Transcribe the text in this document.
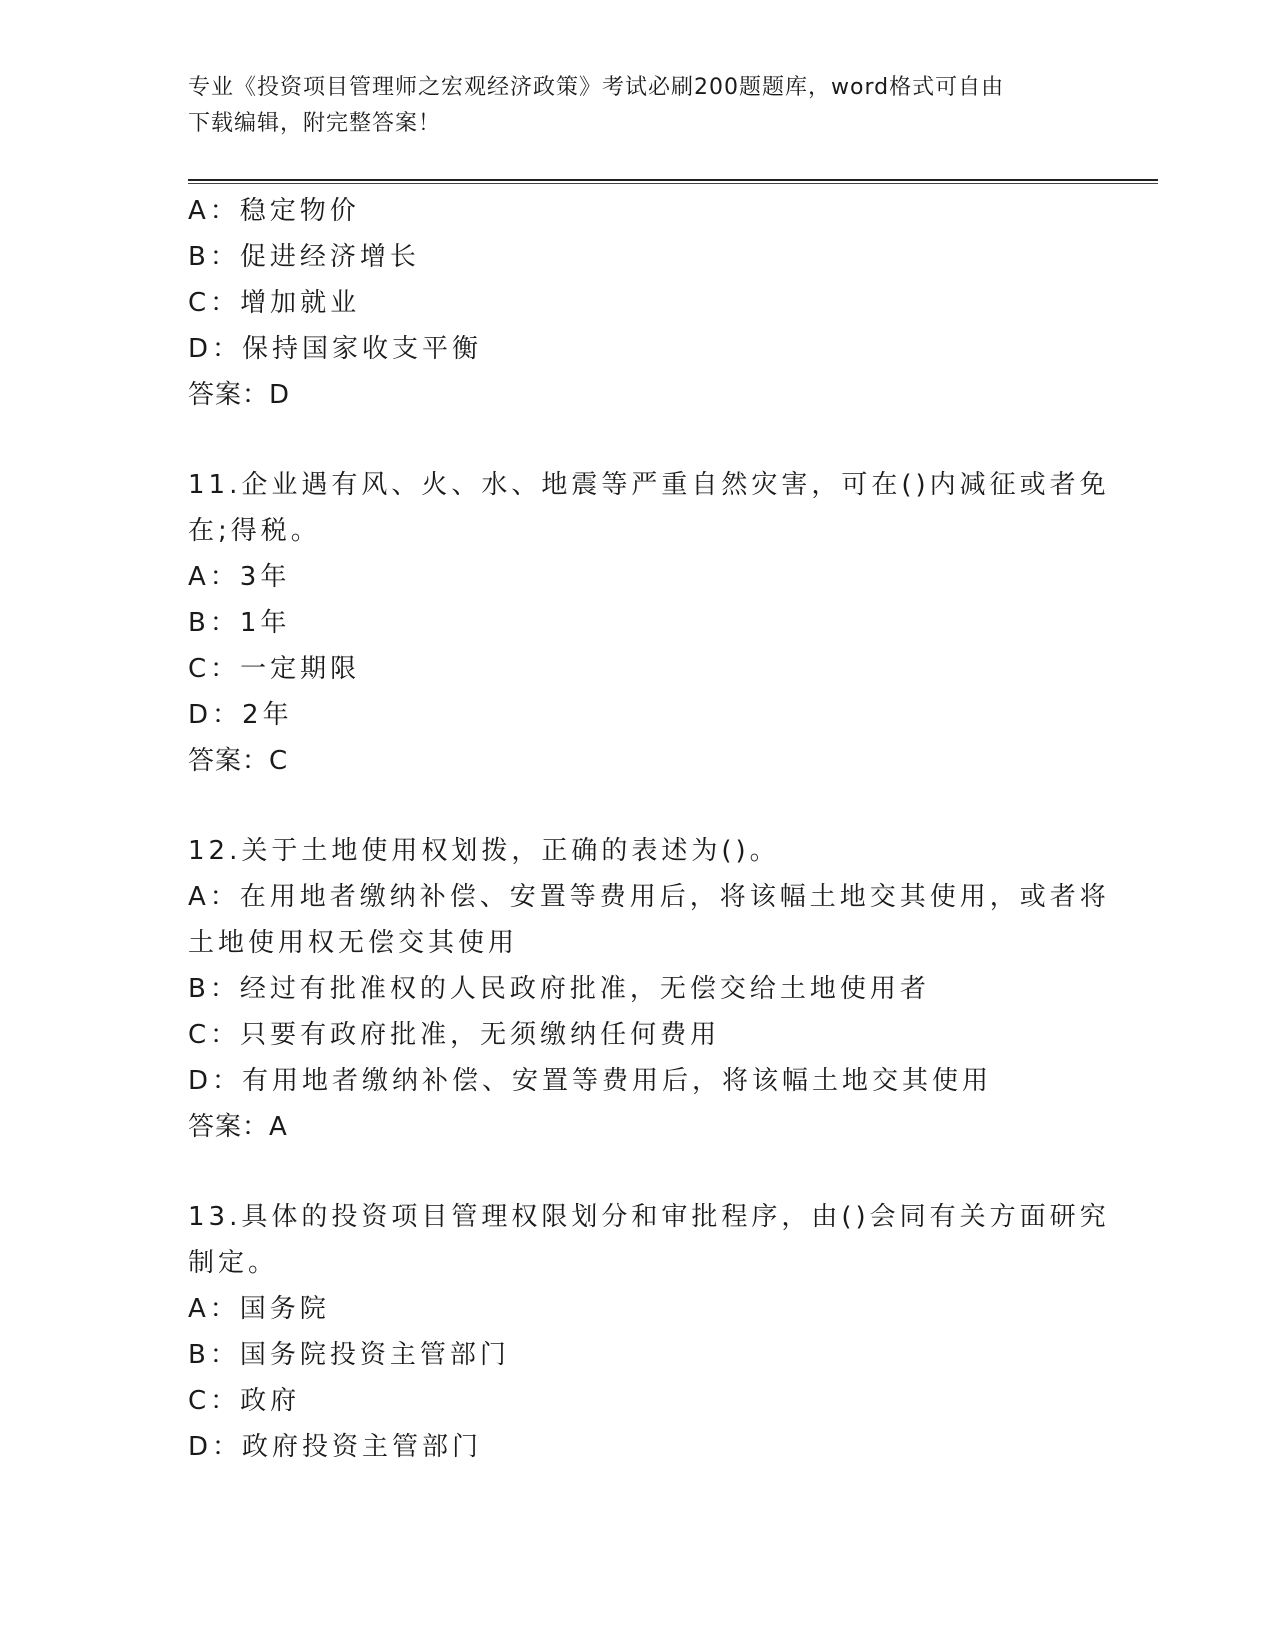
专业《投资项目管理师之宏观经济政策》考试必刷200题题库，word格式可自由
下载编辑，附完整答案！
A：稳定物价
B：促进经济增长
C：增加就业
D：保持国家收支平衡
答案：D
11.企业遇有风、火、水、地震等严重自然灾害，可在()内减征或者免
在;得税。
A：3年
B：1年
C：一定期限
D：2年
答案：C
12.关于土地使用权划拨，正确的表述为()。
A：在用地者缴纳补偿、安置等费用后，将该幅土地交其使用，或者将
土地使用权无偿交其使用
B：经过有批准权的人民政府批准，无偿交给土地使用者
C：只要有政府批准，无须缴纳任何费用
D：有用地者缴纳补偿、安置等费用后，将该幅土地交其使用
答案：A
13.具体的投资项目管理权限划分和审批程序，由()会同有关方面研究
制定。
A：国务院
B：国务院投资主管部门
C：政府
D：政府投资主管部门
